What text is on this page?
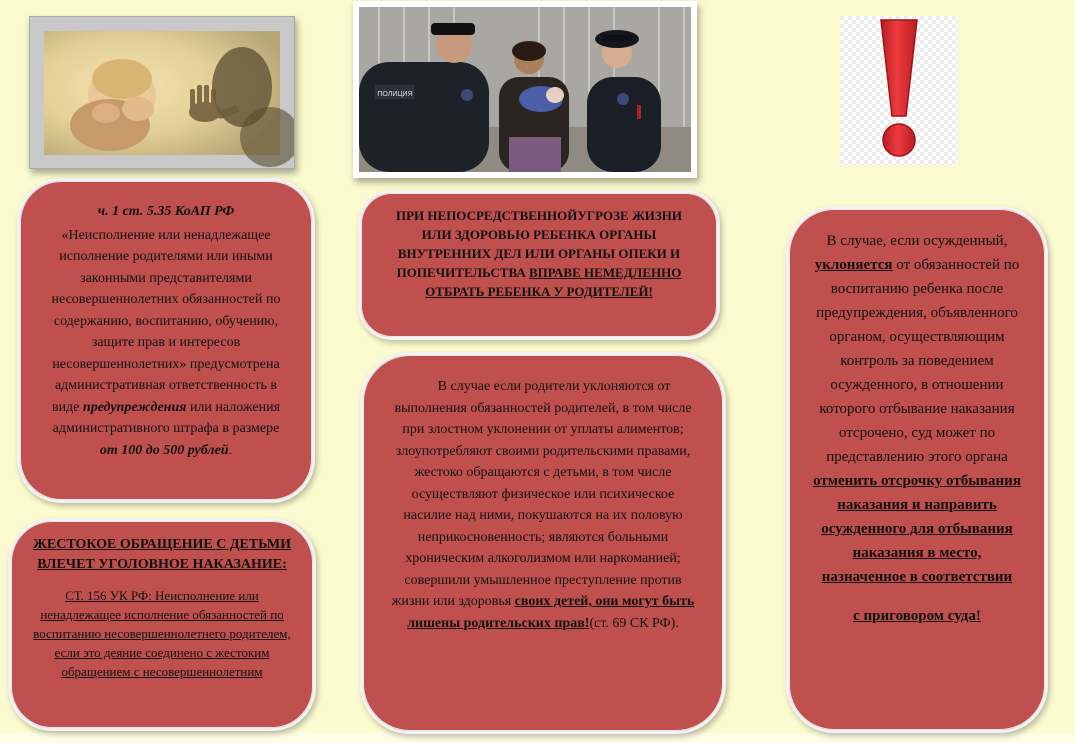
ПОЛИЦИЯ

ч. 1 ст. 5.35 КоАП РФ

«Неисполнение или ненадлежащее исполнение родителями или иными законными представителями несовершеннолетних обязанностей по содержанию, воспитанию, обучению, защите прав и интересов несовершеннолетних» предусмотрена административная ответственность в виде предупреждения или наложения административного штрафа в размере от 100 до 500 рублей.

ЖЕСТОКОЕ ОБРАЩЕНИЕ С ДЕТЬМИ ВЛЕЧЕТ УГОЛОВНОЕ НАКАЗАНИЕ:

СТ. 156 УК РФ: Неисполнение или ненадлежащее исполнение обязанностей по воспитанию несовершеннолетнего родителем, если это деяние соединено с жестоким обращением с несовершеннолетним

ПРИ НЕПОСРЕДСТВЕННОЙУГРОЗЕ ЖИЗНИ ИЛИ ЗДОРОВЬЮ РЕБЕНКА ОРГАНЫ ВНУТРЕННИХ ДЕЛ ИЛИ ОРГАНЫ ОПЕКИ И ПОПЕЧИТЕЛЬСТВА ВПРАВЕ НЕМЕДЛЕННО ОТБРАТЬ РЕБЕНКА У РОДИТЕЛЕЙ!

В случае если родители уклоняются от выполнения обязанностей родителей, в том числе при злостном уклонении от уплаты алиментов; злоупотребляют своими родительскими правами, жестоко обращаются с детьми, в том числе осуществляют физическое или психическое насилие над ними, покушаются на их половую неприкосновенность; являются больными хроническим алкоголизмом или наркоманией; совершили умышленное преступление против жизни или здоровья своих детей, они могут быть лишены родительских прав!(ст. 69 СК РФ).

В случае, если осужденный, уклоняется от обязанностей по воспитанию ребенка после предупреждения, объявленного органом, осуществляющим контроль за поведением осужденного, в отношении которого отбывание наказания отсрочено, суд может по представлению этого органа отменить отсрочку отбывания наказания и направить осужденного для отбывания наказания в место, назначенное в соответствии

с приговором суда!
